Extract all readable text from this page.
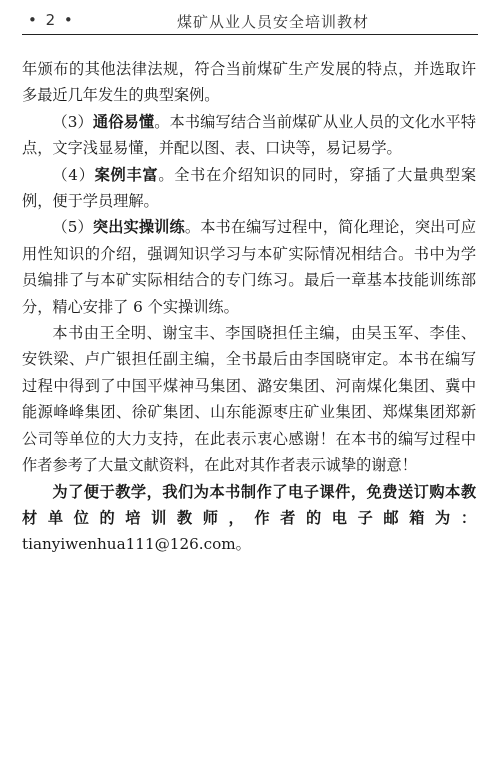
• 2 •	煤矿从业人员安全培训教材

年颁布的其他法律法规，符合当前煤矿生产发展的特点，并选取许多最近几年发生的典型案例。

（3）通俗易懂。本书编写结合当前煤矿从业人员的文化水平特点，文字浅显易懂，并配以图、表、口诀等，易记易学。

（4）案例丰富。全书在介绍知识的同时，穿插了大量典型案例，便于学员理解。

（5）突出实操训练。本书在编写过程中，简化理论，突出可应用性知识的介绍，强调知识学习与本矿实际情况相结合。书中为学员编排了与本矿实际相结合的专门练习。最后一章基本技能训练部分，精心安排了 6 个实操训练。

本书由王全明、谢宝丰、李国晓担任主编，由吴玉军、李佳、安铁梁、卢广银担任副主编，全书最后由李国晓审定。本书在编写过程中得到了中国平煤神马集团、潞安集团、河南煤化集团、冀中能源峰峰集团、徐矿集团、山东能源枣庄矿业集团、郑煤集团郑新公司等单位的大力支持，在此表示衷心感谢！在本书的编写过程中作者参考了大量文献资料，在此对其作者表示诚挚的谢意！

为了便于教学，我们为本书制作了电子课件，免费送订购本教材单位的培训教师，作者的电子邮箱为：tianyiwenhua111@126.com。
